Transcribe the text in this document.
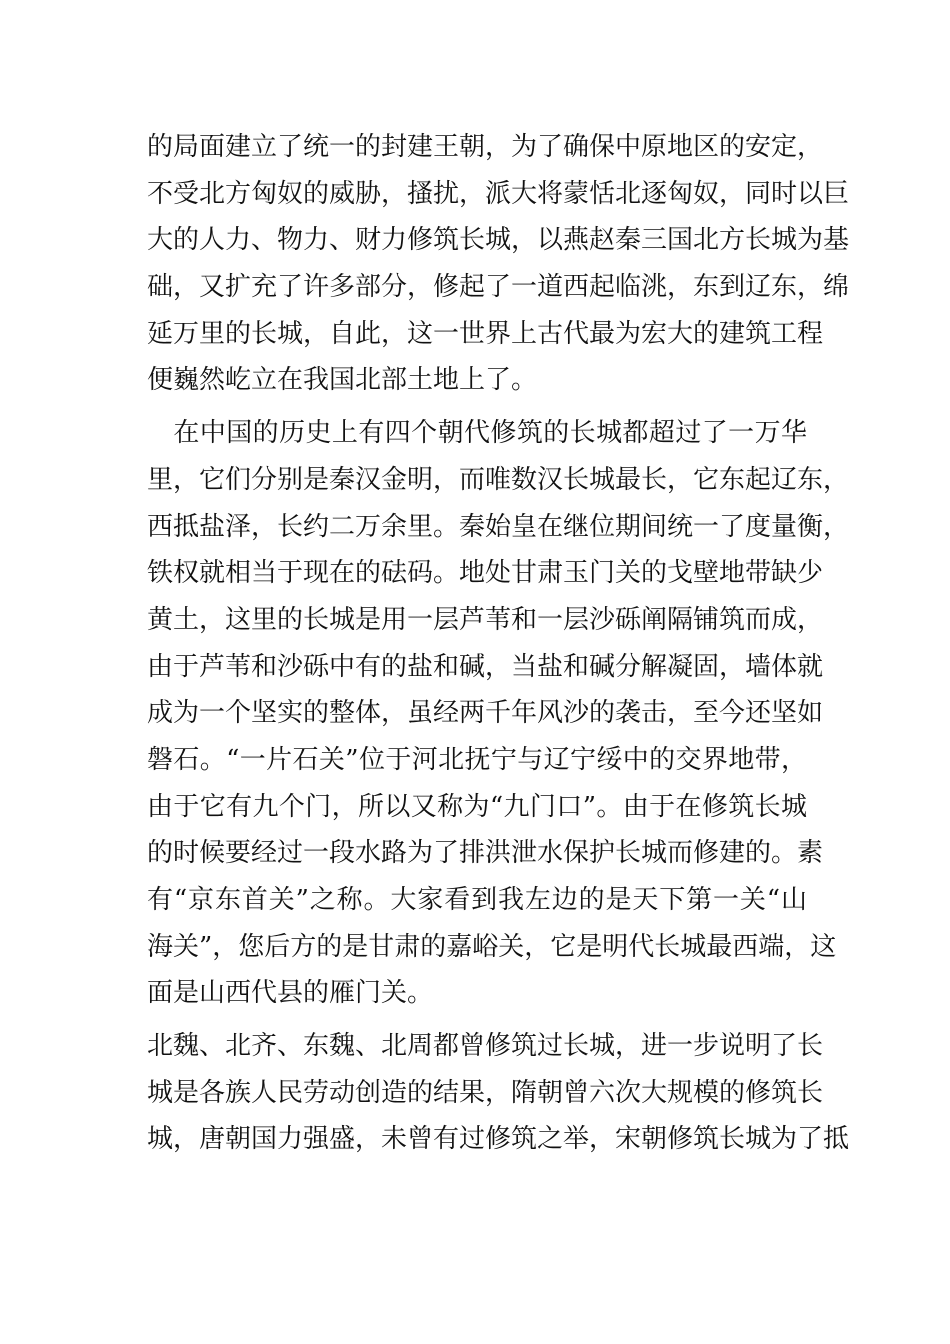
的局面建立了统一的封建王朝，为了确保中原地区的安定，
不受北方匈奴的威胁，搔扰，派大将蒙恬北逐匈奴，同时以巨
大的人力、物力、财力修筑长城，以燕赵秦三国北方长城为基
础，又扩充了许多部分，修起了一道西起临洮，东到辽东，绵
延万里的长城，自此，这一世界上古代最为宏大的建筑工程
便巍然屹立在我国北部土地上了。
　在中国的历史上有四个朝代修筑的长城都超过了一万华
里，它们分别是秦汉金明，而唯数汉长城最长，它东起辽东，
西抵盐泽，长约二万余里。秦始皇在继位期间统一了度量衡，
铁权就相当于现在的砝码。地处甘肃玉门关的戈壁地带缺少
黄土，这里的长城是用一层芦苇和一层沙砾阐隔铺筑而成，
由于芦苇和沙砾中有的盐和碱，当盐和碱分解凝固，墙体就
成为一个坚实的整体，虽经两千年风沙的袭击，至今还坚如
磐石。“一片石关”位于河北抚宁与辽宁绥中的交界地带，
由于它有九个门，所以又称为“九门口”。由于在修筑长城
的时候要经过一段水路为了排洪泄水保护长城而修建的。素
有“京东首关”之称。大家看到我左边的是天下第一关“山
海关”，您后方的是甘肃的嘉峪关，它是明代长城最西端，这
面是山西代县的雁门关。
北魏、北齐、东魏、北周都曾修筑过长城，进一步说明了长
城是各族人民劳动创造的结果，隋朝曾六次大规模的修筑长
城，唐朝国力强盛，未曾有过修筑之举，宋朝修筑长城为了抵
